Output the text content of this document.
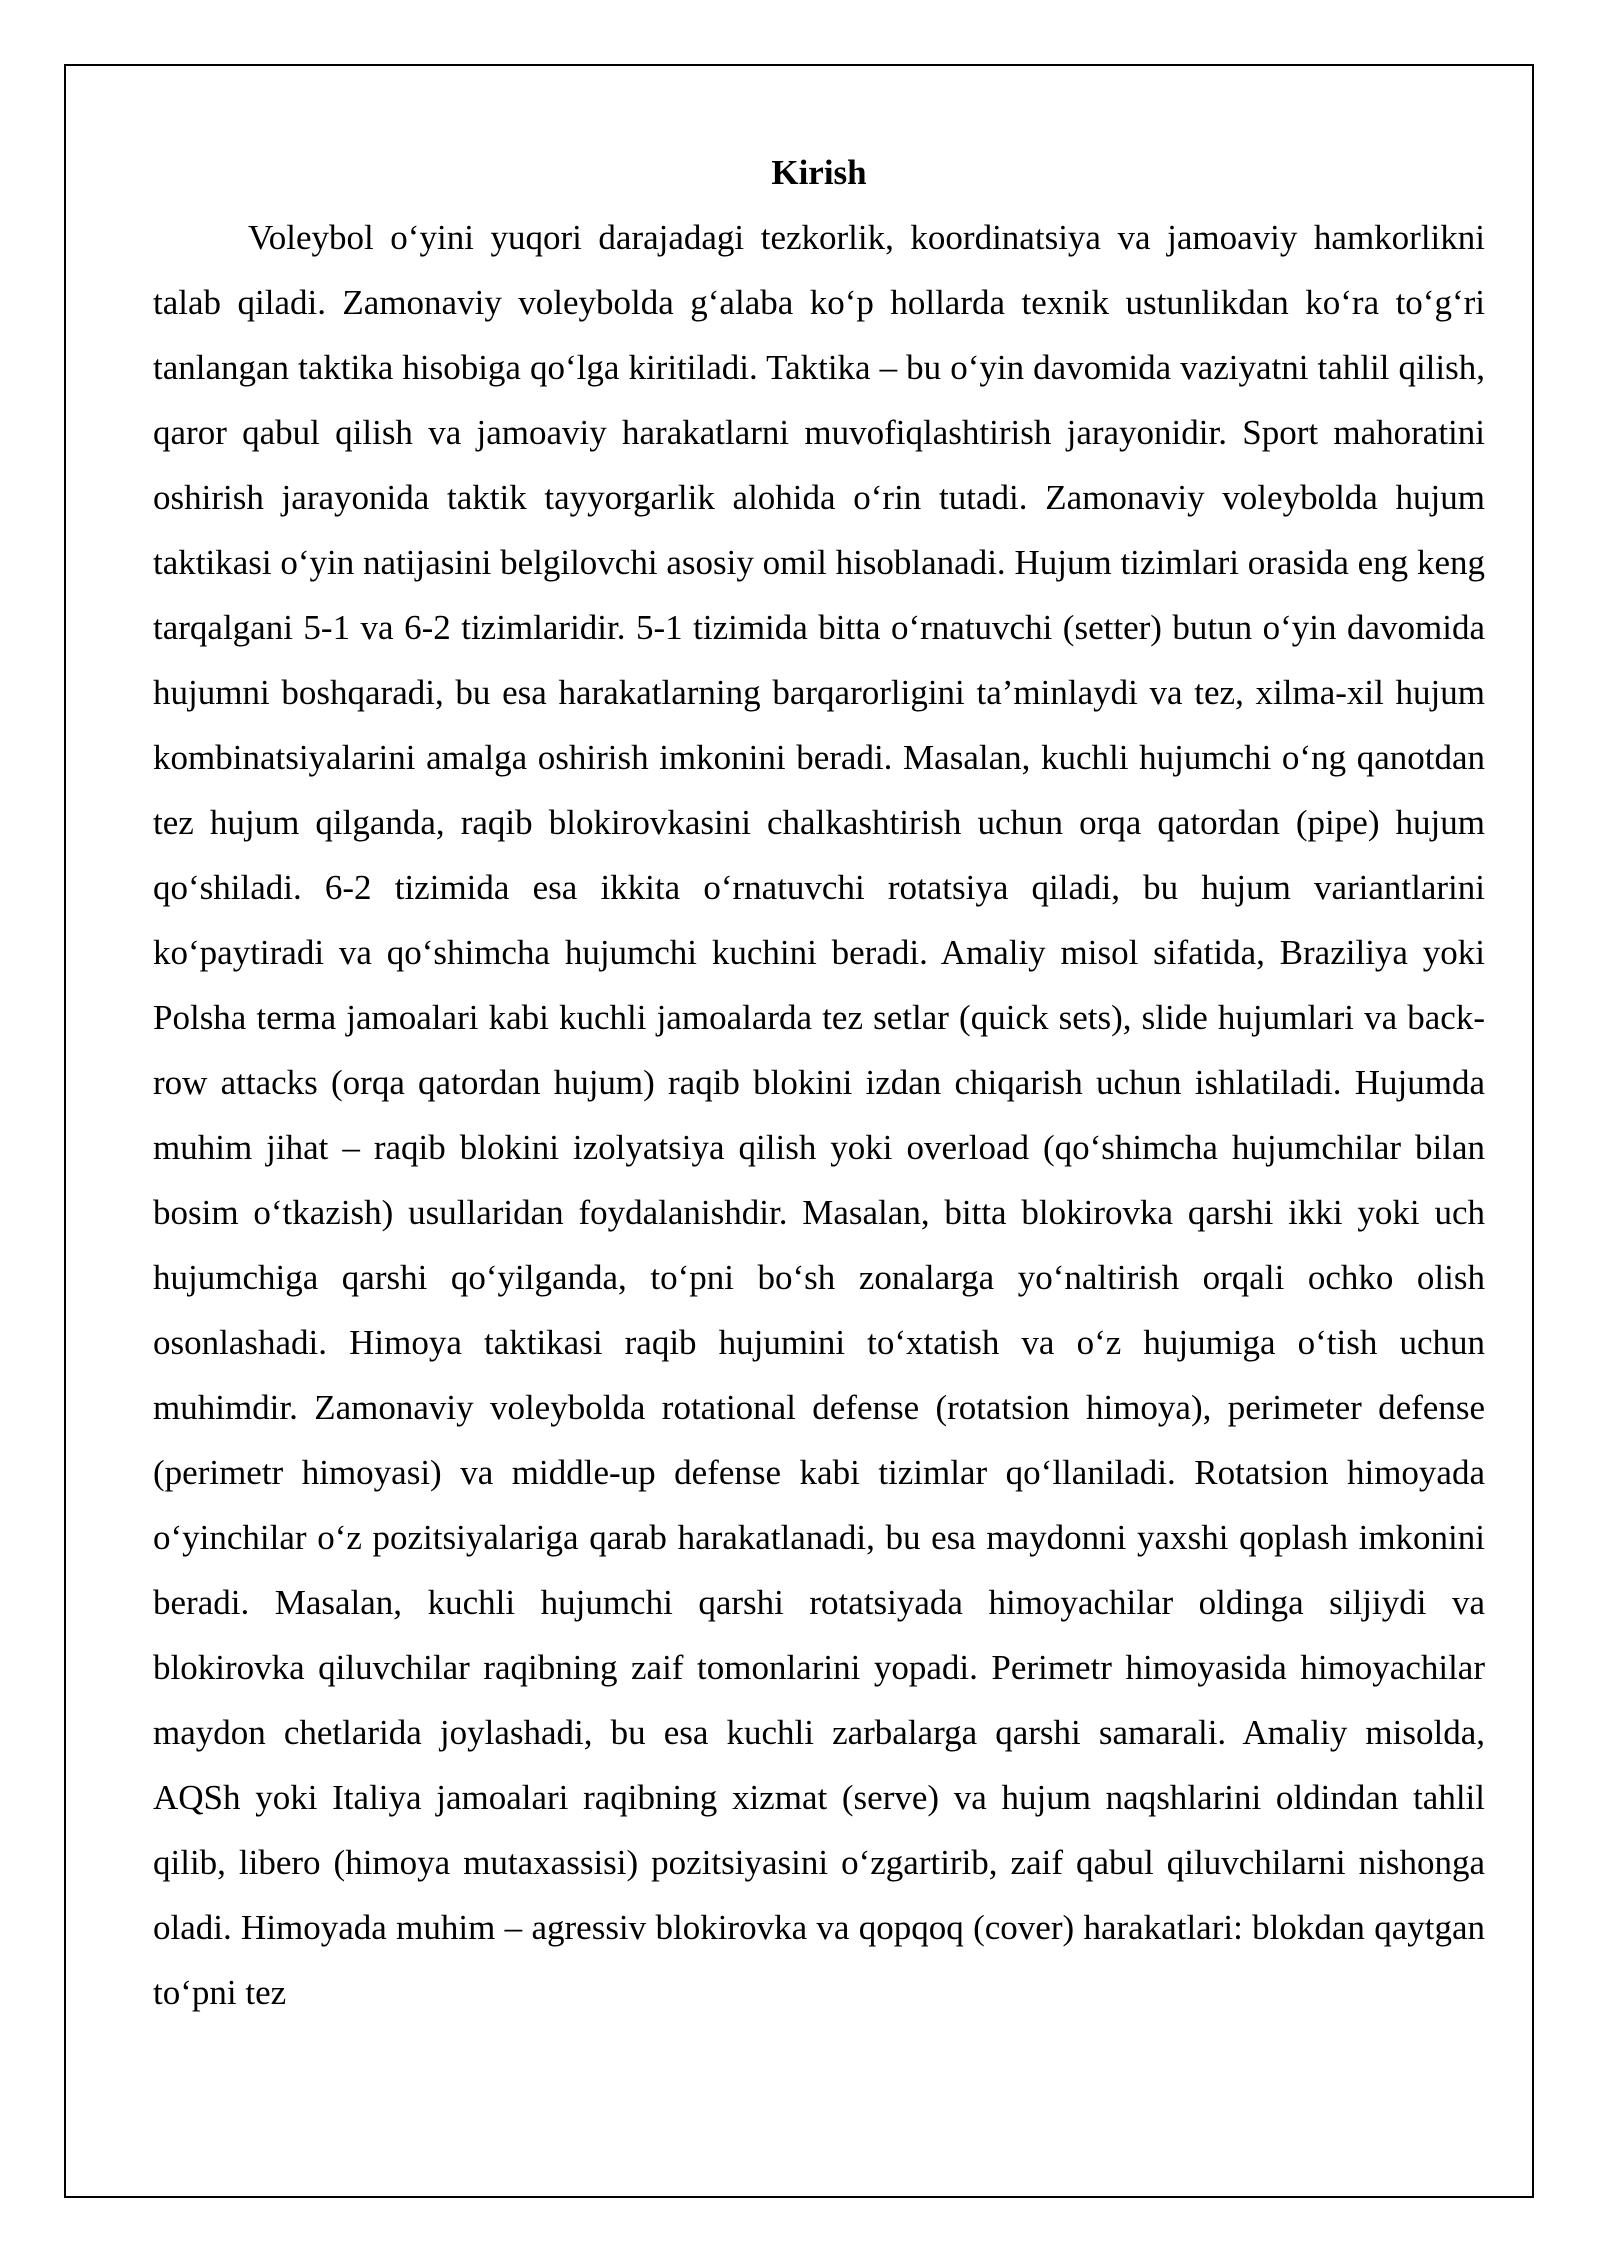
Kirish

Voleybol o‘yini yuqori darajadagi tezkorlik, koordinatsiya va jamoaviy hamkorlikni talab qiladi. Zamonaviy voleybolda g‘alaba ko‘p hollarda texnik ustunlikdan ko‘ra to‘g‘ri tanlangan taktika hisobiga qo‘lga kiritiladi. Taktika – bu o‘yin davomida vaziyatni tahlil qilish, qaror qabul qilish va jamoaviy harakatlarni muvofiqlashtirish jarayonidir. Sport mahoratini oshirish jarayonida taktik tayyorgarlik alohida o‘rin tutadi. Zamonaviy voleybolda hujum taktikasi o‘yin natijasini belgilovchi asosiy omil hisoblanadi. Hujum tizimlari orasida eng keng tarqalgani 5-1 va 6-2 tizimlaridir. 5-1 tizimida bitta o‘rnatuvchi (setter) butun o‘yin davomida hujumni boshqaradi, bu esa harakatlarning barqarorligini ta’minlaydi va tez, xilma-xil hujum kombinatsiyalarini amalga oshirish imkonini beradi. Masalan, kuchli hujumchi o‘ng qanotdan tez hujum qilganda, raqib blokirovkasini chalkashtirish uchun orqa qatordan (pipe) hujum qo‘shiladi. 6-2 tizimida esa ikkita o‘rnatuvchi rotatsiya qiladi, bu hujum variantlarini ko‘paytiradi va qo‘shimcha hujumchi kuchini beradi. Amaliy misol sifatida, Braziliya yoki Polsha terma jamoalari kabi kuchli jamoalarda tez setlar (quick sets), slide hujumlari va back-row attacks (orqa qatordan hujum) raqib blokini izdan chiqarish uchun ishlatiladi. Hujumda muhim jihat – raqib blokini izolyatsiya qilish yoki overload (qo‘shimcha hujumchilar bilan bosim o‘tkazish) usullaridan foydalanishdir. Masalan, bitta blokirovka qarshi ikki yoki uch hujumchiga qarshi qo‘yilganda, to‘pni bo‘sh zonalarga yo‘naltirish orqali ochko olish osonlashadi. Himoya taktikasi raqib hujumini to‘xtatish va o‘z hujumiga o‘tish uchun muhimdir. Zamonaviy voleybolda rotational defense (rotatsion himoya), perimeter defense (perimetr himoyasi) va middle-up defense kabi tizimlar qo‘llaniladi. Rotatsion himoyada o‘yinchilar o‘z pozitsiyalariga qarab harakatlanadi, bu esa maydonni yaxshi qoplash imkonini beradi. Masalan, kuchli hujumchi qarshi rotatsiyada himoyachilar oldinga siljiydi va blokirovka qiluvchilar raqibning zaif tomonlarini yopadi. Perimetr himoyasida himoyachilar maydon chetlarida joylashadi, bu esa kuchli zarbalarga qarshi samarali. Amaliy misolda, AQSh yoki Italiya jamoalari raqibning xizmat (serve) va hujum naqshlarini oldindan tahlil qilib, libero (himoya mutaxassisi) pozitsiyasini o‘zgartirib, zaif qabul qiluvchilarni nishonga oladi. Himoyada muhim – agressiv blokirovka va qopqoq (cover) harakatlari: blokdan qaytgan to‘pni tez
